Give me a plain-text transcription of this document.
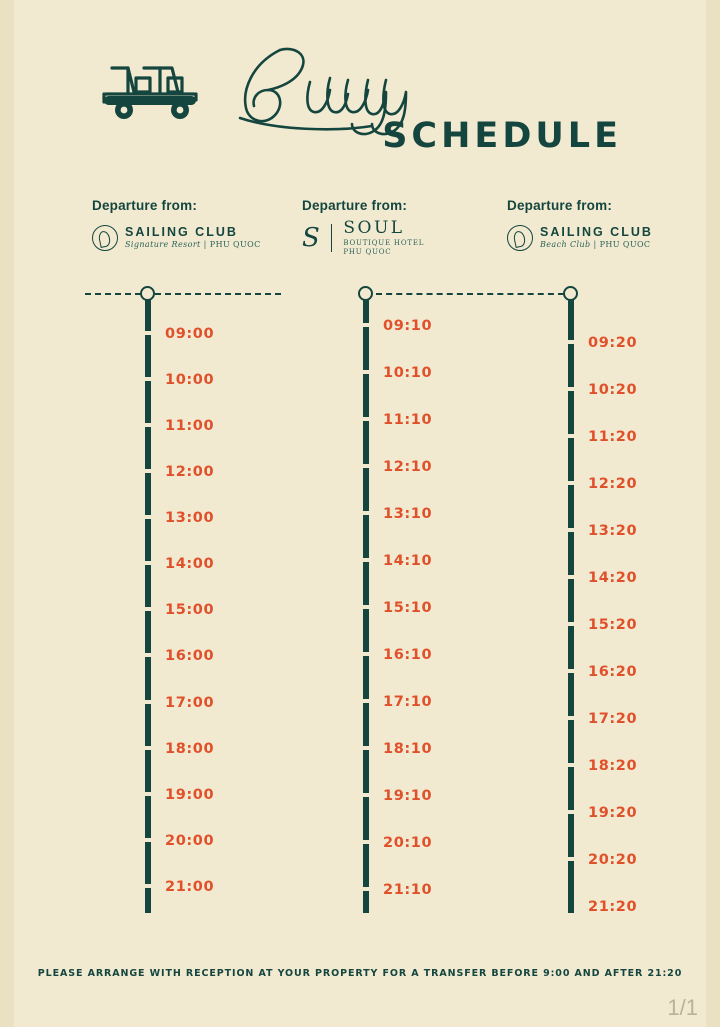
SCHEDULE
Departure from:
SAILING CLUB
Signature Resort | PHU QUOC
09:00
10:00
11:00
12:00
13:00
14:00
15:00
16:00
17:00
18:00
19:00
20:00
21:00
Departure from:
S SOUL
BOUTIQUE HOTEL
PHU QUOC
09:10
10:10
11:10
12:10
13:10
14:10
15:10
16:10
17:10
18:10
19:10
20:10
21:10
Departure from:
SAILING CLUB
Beach Club | PHU QUOC
09:20
10:20
11:20
12:20
13:20
14:20
15:20
16:20
17:20
18:20
19:20
20:20
21:20
PLEASE ARRANGE WITH RECEPTION AT YOUR PROPERTY FOR A TRANSFER BEFORE 9:00 AND AFTER 21:20
1/1
